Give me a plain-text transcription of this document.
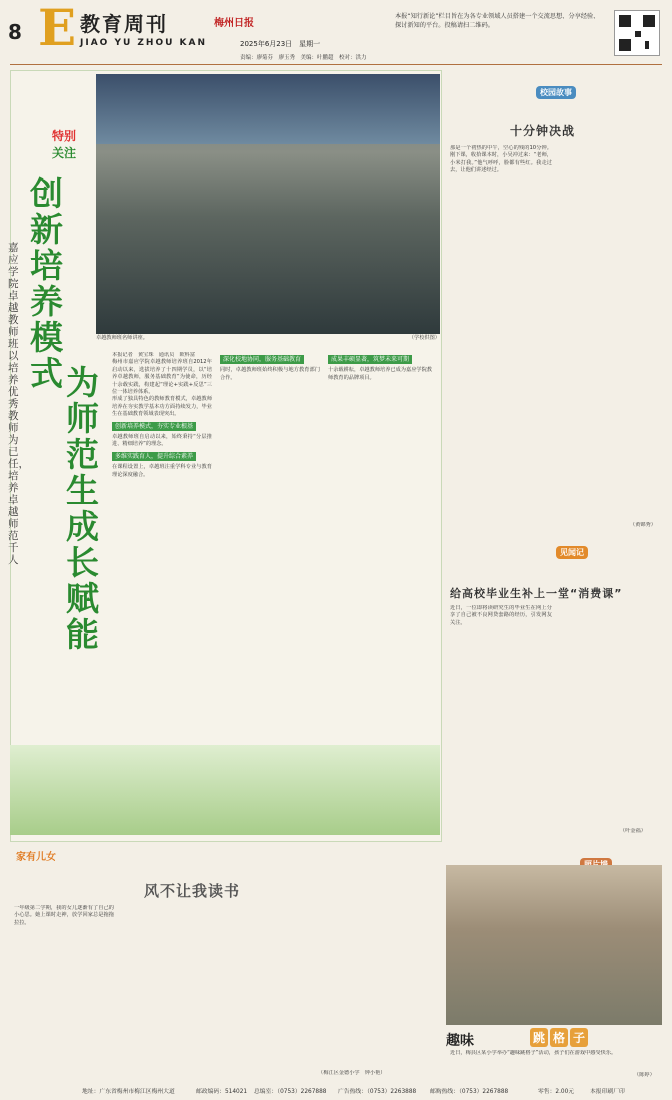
8 E 教育周刊
JIAO YU ZHOU KAN
梅州日报
2025年6月23日　星期一
责编：廖菊芬　廖玉秀　美编：叶鹏超　校对：洪力
本报“知行新论”栏目旨在为各专业领域人员搭建一个交流思想、分享经验、探讨新知的平台。投稿请扫二维码。
卓越教师班名师讲座。	（学校供图）
特别
关注
创新培养模式 为师范生成长赋能
嘉应学院卓越教师班以培养优秀教师为已任，培养卓越师范千人
本报记者　黄宝珠　通讯员　欧科富
梅州市嘉应学院卓越教师培养班自2012年启动以来，选拔培养了十四期学员，以“培养卓越教师，服务基础教育”为使命，历经十余载实践，构建起“理论+实践+反思”三位一体培养体系。
形成了独具特色的教师教育模式，卓越教师培养在夯实教学基本功方面持续发力，毕业生在基础教育领域表现突出。
创新培养模式，夯实专业根基
卓越教师班自启动以来，始终秉持“分层推进、精细培养”的理念。
多维实践育人，提升综合素养
在课程设置上，卓越班注重学科专业与教育理论深度融合。
深化校地协同，服务基础教育
同时，卓越教师班始终积极与地方教育部门合作。
成果丰硕显著，筑梦未来可期
十余载耕耘，卓越教师培养已成为嘉应学院教师教育的品牌项目。
校园故事
十分钟决战
那是一个初热的中午，空心的残的10分钟。刚下课，收拾课本时，小吴冲过来：“老师，小米打我。”他气呼呼，脸都有些红。我走过去，让他们讲述经过。
（黄锦秀）
见闻记
给高校毕业生补上一堂“消费课”
近日，一位即将读研究生的毕业生在网上分享了自己被不良网贷套路的经历，引发网友关注。
（叶金福）
家有儿女
风不让我读书
一年级第二学期，我的女儿逐渐有了自己的小心思。她上课时走神，放学回家总是拖拖拉拉。
（梅江区金德小学　钟小艳）
趣味	跳 格 子
近日，梅县区某小学举办“趣味跳格子”活动，孩子们在游戏中感受快乐。
（陈婷）
地址：广东省梅州市梅江区梅州大道	邮政编码：514021 总编室：（0753）2267888 广告热线：（0753）2263888 邮购热线：（0753）2267888	零售：2.00元	本报印刷厂印
